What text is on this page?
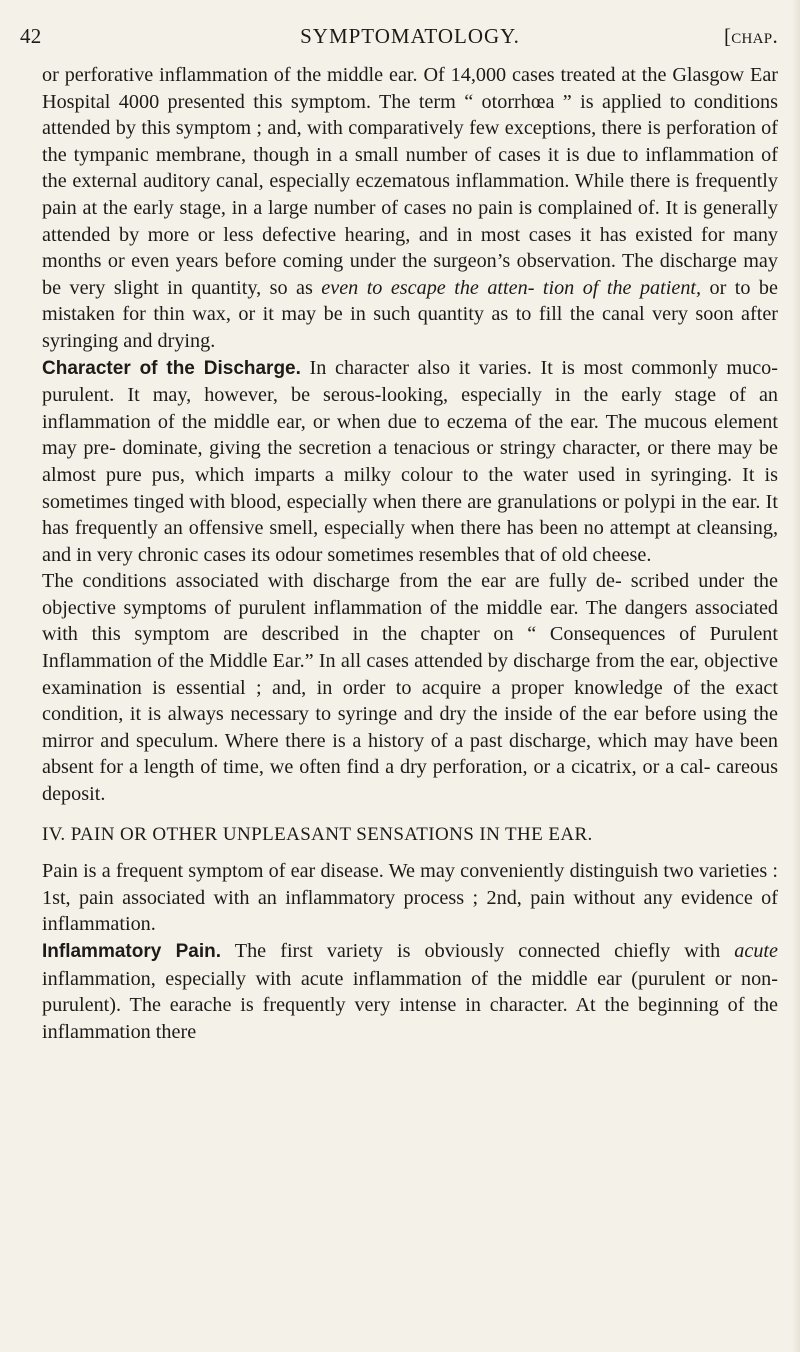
42	SYMPTOMATOLOGY.	[chap.

or perforative inflammation of the middle ear. Of 14,000 cases treated at the Glasgow Ear Hospital 4000 presented this symptom. The term “ otorrhœa ” is applied to conditions attended by this symptom ; and, with comparatively few exceptions, there is perforation of the tympanic membrane, though in a small number of cases it is due to inflammation of the external auditory canal, especially eczematous inflammation. While there is frequently pain at the early stage, in a large number of cases no pain is complained of. It is generally attended by more or less defective hearing, and in most cases it has existed for many months or even years before coming under the surgeon’s observation. The discharge may be very slight in quantity, so as even to escape the atten- tion of the patient, or to be mistaken for thin wax, or it may be in such quantity as to fill the canal very soon after syringing and drying.

Character of the Discharge. In character also it varies. It is most commonly muco-purulent. It may, however, be serous-looking, especially in the early stage of an inflammation of the middle ear, or when due to eczema of the ear. The mucous element may pre- dominate, giving the secretion a tenacious or stringy character, or there may be almost pure pus, which imparts a milky colour to the water used in syringing. It is sometimes tinged with blood, especially when there are granulations or polypi in the ear. It has frequently an offensive smell, especially when there has been no attempt at cleansing, and in very chronic cases its odour sometimes resembles that of old cheese.

The conditions associated with discharge from the ear are fully de- scribed under the objective symptoms of purulent inflammation of the middle ear. The dangers associated with this symptom are described in the chapter on “ Consequences of Purulent Inflammation of the Middle Ear.” In all cases attended by discharge from the ear, objective examination is essential ; and, in order to acquire a proper knowledge of the exact condition, it is always necessary to syringe and dry the inside of the ear before using the mirror and speculum. Where there is a history of a past discharge, which may have been absent for a length of time, we often find a dry perforation, or a cicatrix, or a cal- careous deposit.

IV. PAIN OR OTHER UNPLEASANT SENSATIONS IN THE EAR.

Pain is a frequent symptom of ear disease. We may conveniently distinguish two varieties : 1st, pain associated with an inflammatory process ; 2nd, pain without any evidence of inflammation.

Inflammatory Pain. The first variety is obviously connected chiefly with acute inflammation, especially with acute inflammation of the middle ear (purulent or non-purulent). The earache is frequently very intense in character. At the beginning of the inflammation there
